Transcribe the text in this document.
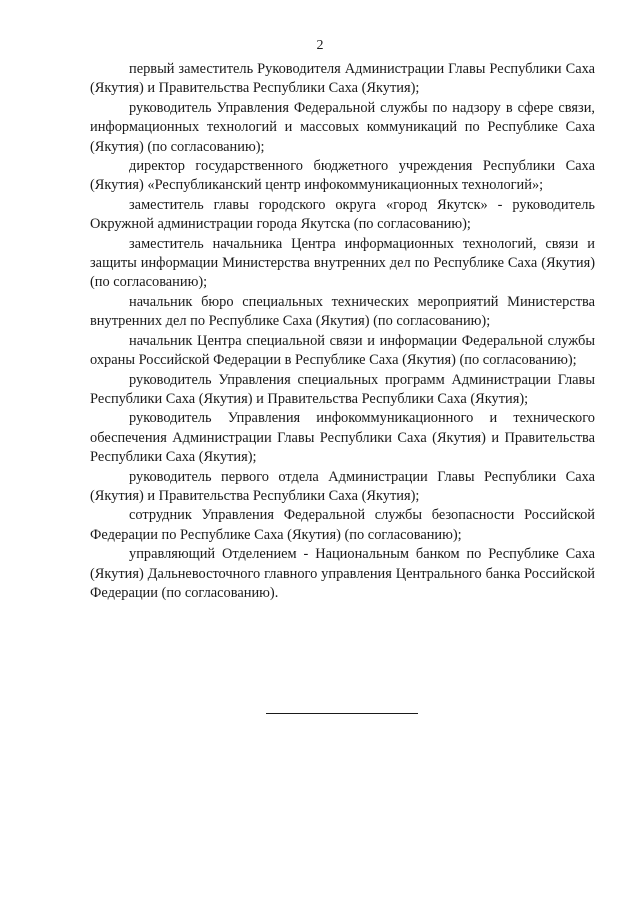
2

первый заместитель Руководителя Администрации Главы Республики Саха (Якутия) и Правительства Республики Саха (Якутия);

руководитель Управления Федеральной службы по надзору в сфере связи, информационных технологий и массовых коммуникаций по Республике Саха (Якутия) (по согласованию);

директор государственного бюджетного учреждения Республики Саха (Якутия) «Республиканский центр инфокоммуникационных технологий»;

заместитель главы городского округа «город Якутск» - руководитель Окружной администрации города Якутска (по согласованию);

заместитель начальника Центра информационных технологий, связи и защиты информации Министерства внутренних дел по Республике Саха (Якутия) (по согласованию);

начальник бюро специальных технических мероприятий Министерства внутренних дел по Республике Саха (Якутия) (по согласованию);

начальник Центра специальной связи и информации Федеральной службы охраны Российской Федерации в Республике Саха (Якутия) (по согласованию);

руководитель Управления специальных программ Администрации Главы Республики Саха (Якутия) и Правительства Республики Саха (Якутия);

руководитель Управления инфокоммуникационного и технического обеспечения Администрации Главы Республики Саха (Якутия) и Правительства Республики Саха (Якутия);

руководитель первого отдела Администрации Главы Республики Саха (Якутия) и Правительства Республики Саха (Якутия);

сотрудник Управления Федеральной службы безопасности Российской Федерации по Республике Саха (Якутия) (по согласованию);

управляющий Отделением - Национальным банком по Республике Саха (Якутия) Дальневосточного главного управления Центрального банка Российской Федерации (по согласованию).
